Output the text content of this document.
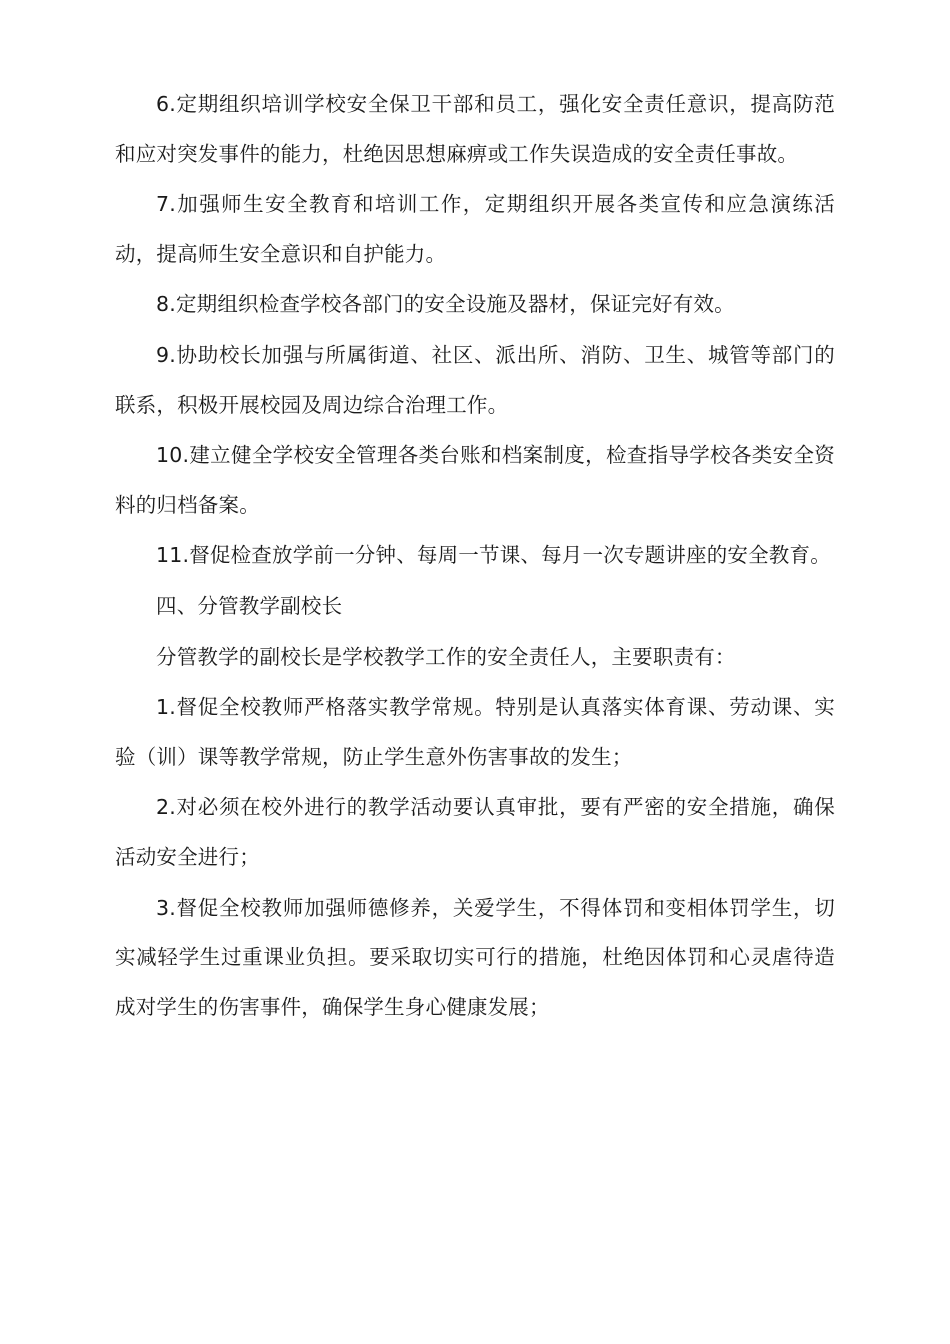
6.定期组织培训学校安全保卫干部和员工，强化安全责任意识，提高防范和应对突发事件的能力，杜绝因思想麻痹或工作失误造成的安全责任事故。

7.加强师生安全教育和培训工作，定期组织开展各类宣传和应急演练活动，提高师生安全意识和自护能力。

8.定期组织检查学校各部门的安全设施及器材，保证完好有效。

9.协助校长加强与所属街道、社区、派出所、消防、卫生、城管等部门的联系，积极开展校园及周边综合治理工作。

10.建立健全学校安全管理各类台账和档案制度，检查指导学校各类安全资料的归档备案。

11.督促检查放学前一分钟、每周一节课、每月一次专题讲座的安全教育。

四、分管教学副校长

分管教学的副校长是学校教学工作的安全责任人，主要职责有：

1.督促全校教师严格落实教学常规。特别是认真落实体育课、劳动课、实验（训）课等教学常规，防止学生意外伤害事故的发生；

2.对必须在校外进行的教学活动要认真审批，要有严密的安全措施，确保活动安全进行；

3.督促全校教师加强师德修养，关爱学生，不得体罚和变相体罚学生，切实减轻学生过重课业负担。要采取切实可行的措施，杜绝因体罚和心灵虐待造成对学生的伤害事件，确保学生身心健康发展；
